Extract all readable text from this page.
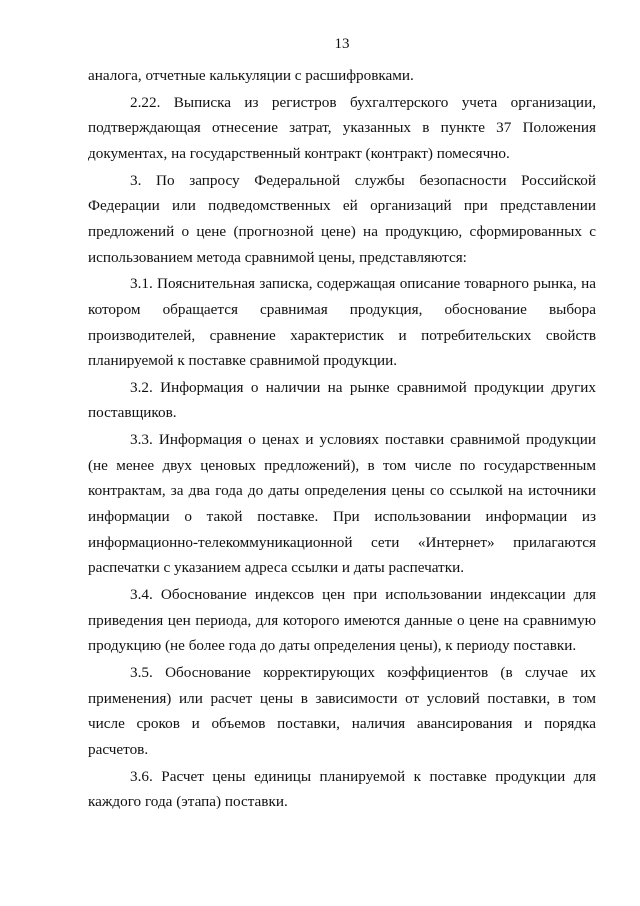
13

аналога, отчетные калькуляции с расшифровками.

2.22. Выписка из регистров бухгалтерского учета организации, подтверждающая отнесение затрат, указанных в пункте 37 Положения документах, на государственный контракт (контракт) помесячно.

3. По запросу Федеральной службы безопасности Российской Федерации или подведомственных ей организаций при представлении предложений о цене (прогнозной цене) на продукцию, сформированных с использованием метода сравнимой цены, представляются:

3.1. Пояснительная записка, содержащая описание товарного рынка, на котором обращается сравнимая продукция, обоснование выбора производителей, сравнение характеристик и потребительских свойств планируемой к поставке сравнимой продукции.

3.2. Информация о наличии на рынке сравнимой продукции других поставщиков.

3.3. Информация о ценах и условиях поставки сравнимой продукции (не менее двух ценовых предложений), в том числе по государственным контрактам, за два года до даты определения цены со ссылкой на источники информации о такой поставке. При использовании информации из информационно-телекоммуникационной сети «Интернет» прилагаются распечатки с указанием адреса ссылки и даты распечатки.

3.4. Обоснование индексов цен при использовании индексации для приведения цен периода, для которого имеются данные о цене на сравнимую продукцию (не более года до даты определения цены), к периоду поставки.

3.5. Обоснование корректирующих коэффициентов (в случае их применения) или расчет цены в зависимости от условий поставки, в том числе сроков и объемов поставки, наличия авансирования и порядка расчетов.

3.6. Расчет цены единицы планируемой к поставке продукции для каждого года (этапа) поставки.
